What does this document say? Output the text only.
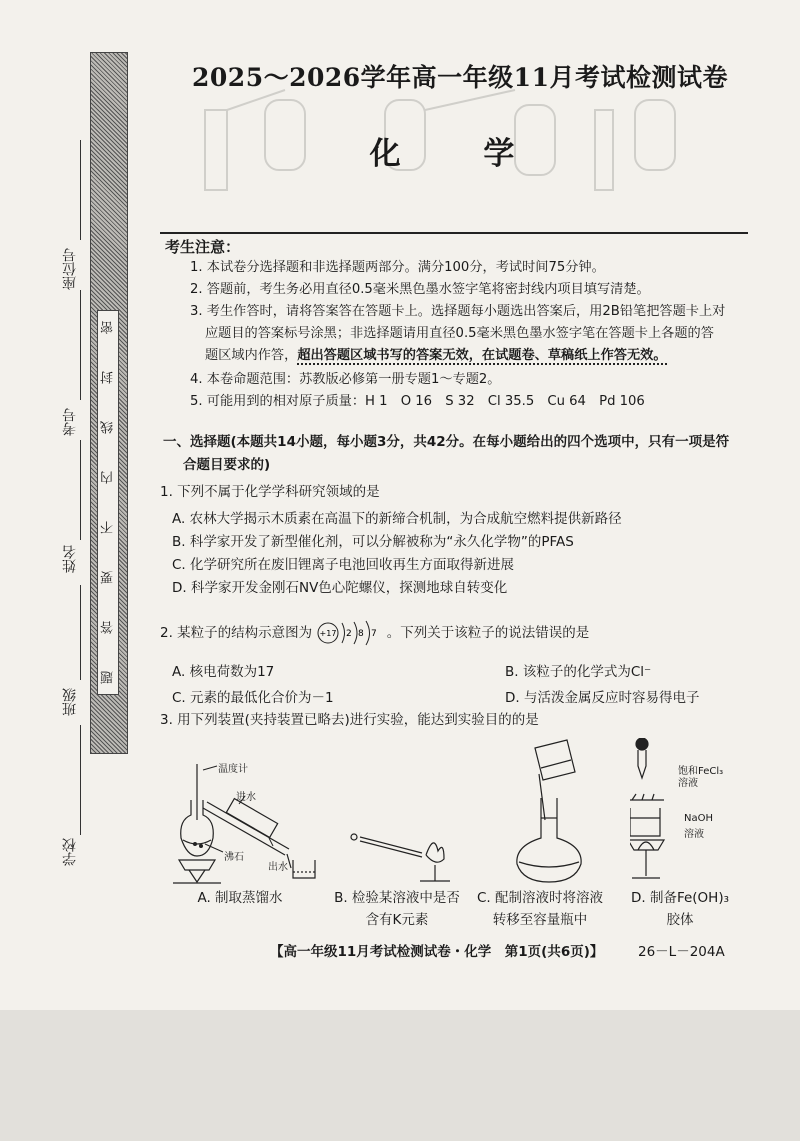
密
封
线
内
不
要
答
题
座位号
考号
姓名
班级
学校
2025～2026学年高一年级11月考试检测试卷
化 学
考生注意：
1. 本试卷分选择题和非选择题两部分。满分100分，考试时间75分钟。
2. 答题前，考生务必用直径0.5毫米黑色墨水签字笔将密封线内项目填写清楚。
3. 考生作答时，请将答案答在答题卡上。选择题每小题选出答案后，用2B铅笔把答题卡上对
应题目的答案标号涂黑；非选择题请用直径0.5毫米黑色墨水签字笔在答题卡上各题的答
题区域内作答，超出答题区域书写的答案无效，在试题卷、草稿纸上作答无效。
4. 本卷命题范围：苏教版必修第一册专题1～专题2。
5. 可能用到的相对原子质量：H 1　O 16　S 32　Cl 35.5　Cu 64　Pd 106
一、选择题(本题共14小题，每小题3分，共42分。在每小题给出的四个选项中，只有一项是符
合题目要求的)
1. 下列不属于化学学科研究领域的是
A. 农林大学揭示木质素在高温下的新缔合机制，为合成航空燃料提供新路径
B. 科学家开发了新型催化剂，可以分解被称为“永久化学物”的PFAS
C. 化学研究所在废旧锂离子电池回收再生方面取得新进展
D. 科学家开发金刚石NV色心陀螺仪，探测地球自转变化
2. 某粒子的结构示意图为 +17 2 8 7 。下列关于该粒子的说法错误的是
A. 核电荷数为17	B. 该粒子的化学式为Cl⁻
C. 元素的最低化合价为－1	D. 与活泼金属反应时容易得电子
3. 用下列装置(夹持装置已略去)进行实验，能达到实验目的的是
温度计
进水
沸石
出水
饱和FeCl₃
溶液
NaOH
溶液
A. 制取蒸馏水	B. 检验某溶液中是否
含有K元素
C. 配制溶液时将溶液
转移至容量瓶中
D. 制备Fe(OH)₃
胶体
【高一年级11月考试检测试卷・化学　第1页(共6页)】	26－L－204A
